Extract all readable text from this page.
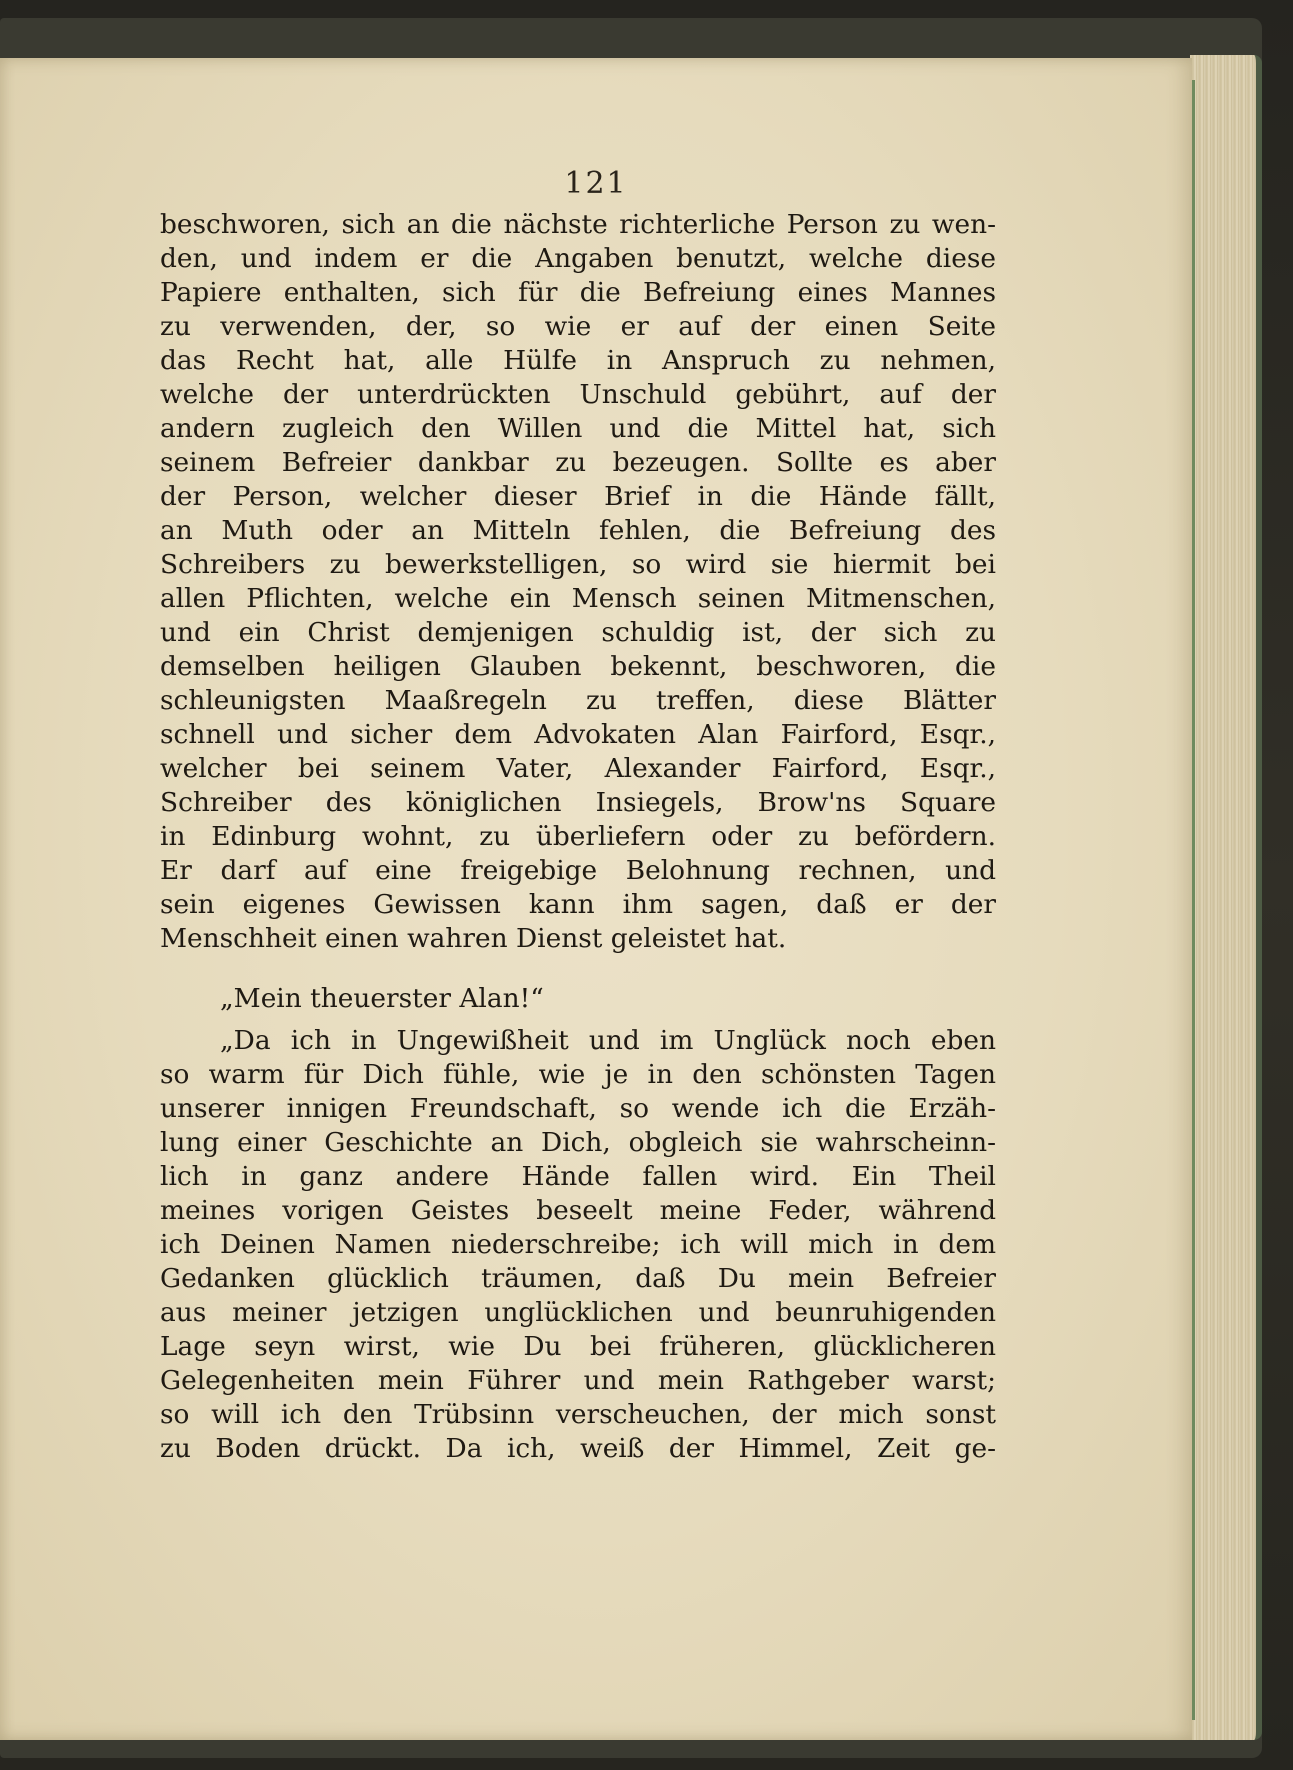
121
beschworen, sich an die nächste richterliche Person zu wen-
den, und indem er die Angaben benutzt, welche diese
Papiere enthalten, sich für die Befreiung eines Mannes
zu verwenden, der, so wie er auf der einen Seite
das Recht hat, alle Hülfe in Anspruch zu nehmen,
welche der unterdrückten Unschuld gebührt, auf der
andern zugleich den Willen und die Mittel hat, sich
seinem Befreier dankbar zu bezeugen. Sollte es aber
der Person, welcher dieser Brief in die Hände fällt,
an Muth oder an Mitteln fehlen, die Befreiung des
Schreibers zu bewerkstelligen, so wird sie hiermit bei
allen Pflichten, welche ein Mensch seinen Mitmenschen,
und ein Christ demjenigen schuldig ist, der sich zu
demselben heiligen Glauben bekennt, beschworen, die
schleunigsten Maaßregeln zu treffen, diese Blätter
schnell und sicher dem Advokaten Alan Fairford, Esqr.,
welcher bei seinem Vater, Alexander Fairford, Esqr.,
Schreiber des königlichen Insiegels, Brow'ns Square
in Edinburg wohnt, zu überliefern oder zu befördern.
Er darf auf eine freigebige Belohnung rechnen, und
sein eigenes Gewissen kann ihm sagen, daß er der
Menschheit einen wahren Dienst geleistet hat.
„Mein theuerster Alan!“
„Da ich in Ungewißheit und im Unglück noch eben
so warm für Dich fühle, wie je in den schönsten Tagen
unserer innigen Freundschaft, so wende ich die Erzäh-
lung einer Geschichte an Dich, obgleich sie wahrscheinn-
lich in ganz andere Hände fallen wird. Ein Theil
meines vorigen Geistes beseelt meine Feder, während
ich Deinen Namen niederschreibe; ich will mich in dem
Gedanken glücklich träumen, daß Du mein Befreier
aus meiner jetzigen unglücklichen und beunruhigenden
Lage seyn wirst, wie Du bei früheren, glücklicheren
Gelegenheiten mein Führer und mein Rathgeber warst;
so will ich den Trübsinn verscheuchen, der mich sonst
zu Boden drückt. Da ich, weiß der Himmel, Zeit ge-
